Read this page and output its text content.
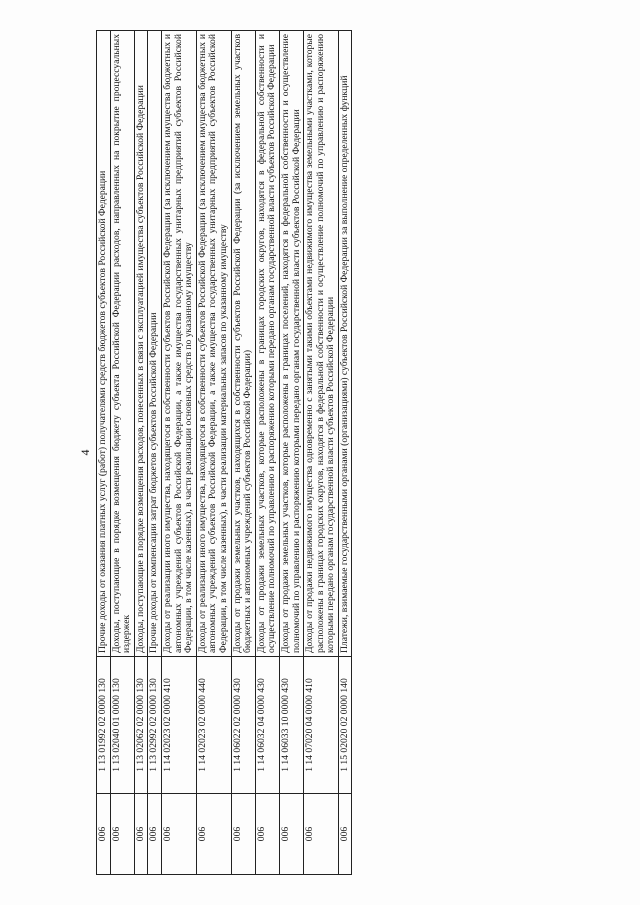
4
006	1 13 01992 02 0000 130	Прочие доходы от оказания платных услуг (работ) получателями средств бюджетов субъектов Российской Федерации
006	1 13 02040 01 0000 130	Доходы, поступающие в порядке возмещения бюджету субъекта Российской Федерации расходов, направленных на покрытие процессуальных издержек
006	1 13 02062 02 0000 130	Доходы, поступающие в порядке возмещения расходов, понесенных в связи с эксплуатацией имущества субъектов Российской Федерации
006	1 13 02992 02 0000 130	Прочие доходы от компенсации затрат бюджетов субъектов Российской Федерации
006	1 14 02023 02 0000 410	Доходы от реализации иного имущества, находящегося в собственности субъектов Российской Федерации (за исключением имущества бюджетных и автономных учреждений субъектов Российской Федерации, а также имущества государственных унитарных предприятий субъектов Российской Федерации, в том числе казенных), в части реализации основных средств по указанному имуществу
006	1 14 02023 02 0000 440	Доходы от реализации иного имущества, находящегося в собственности субъектов Российской Федерации (за исключением имущества бюджетных и автономных учреждений субъектов Российской Федерации, а также имущества государственных унитарных предприятий субъектов Российской Федерации, в том числе казенных), в части реализации материальных запасов по указанному имуществу
006	1 14 06022 02 0000 430	Доходы от продажи земельных участков, находящихся в собственности субъектов Российской Федерации (за исключением земельных участков бюджетных и автономных учреждений субъектов Российской Федерации)
006	1 14 06032 04 0000 430	Доходы от продажи земельных участков, которые расположены в границах городских округов, находятся в федеральной собственности и осуществление полномочий по управлению и распоряжению которыми передано органам государственной власти субъектов Российской Федерации
006	1 14 06033 10 0000 430	Доходы от продажи земельных участков, которые расположены в границах поселений, находятся в федеральной собственности и осуществление полномочий по управлению и распоряжению которыми передано органам государственной власти субъектов Российской Федерации
006	1 14 07020 04 0000 410	Доходы от продажи недвижимого имущества одновременно с занятыми такими объектами недвижимого имущества земельными участками, которые расположены в границах городских округов, находятся в федеральной собственности и осуществление полномочий по управлению и распоряжению которыми передано органам государственной власти субъектов Российской Федерации
006	1 15 02020 02 0000 140	Платежи, взимаемые государственными органами (организациями) субъектов Российской Федерации за выполнение определенных функций
